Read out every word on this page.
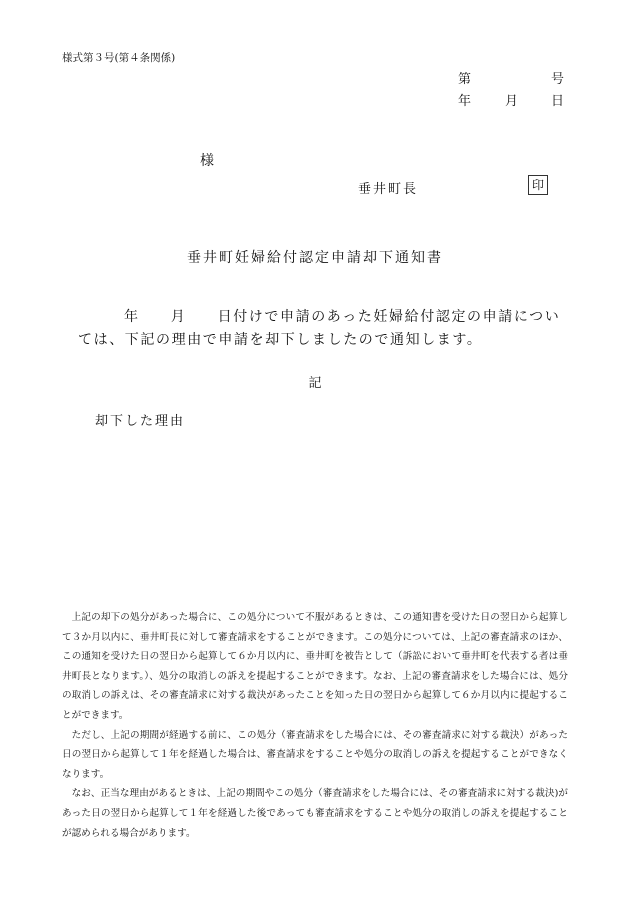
様式第３号(第４条関係)
第	号
年	月	日
様
垂井町長	印
垂井町妊婦給付認定申請却下通知書
年　　月　　日付けで申請のあった妊婦給付認定の申請につい
ては、下記の理由で申請を却下しましたので通知します。
記
却下した理由

上記の却下の処分があった場合に、この処分について不服があるときは、この通知書を受けた日の翌日から起算して３か月以内に、垂井町長に対して審査請求をすることができます。この処分については、上記の審査請求のほか、この通知を受けた日の翌日から起算して６か月以内に、垂井町を被告として（訴訟において垂井町を代表する者は垂井町長となります。）、処分の取消しの訴えを提起することができます。なお、上記の審査請求をした場合には、処分の取消しの訴えは、その審査請求に対する裁決があったことを知った日の翌日から起算して６か月以内に提起することができます。

ただし、上記の期間が経過する前に、この処分（審査請求をした場合には、その審査請求に対する裁決）があった日の翌日から起算して１年を経過した場合は、審査請求をすることや処分の取消しの訴えを提起することができなくなります。

なお、正当な理由があるときは、上記の期間やこの処分（審査請求をした場合には、その審査請求に対する裁決)があった日の翌日から起算して１年を経過した後であっても審査請求をすることや処分の取消しの訴えを提起することが認められる場合があります。
